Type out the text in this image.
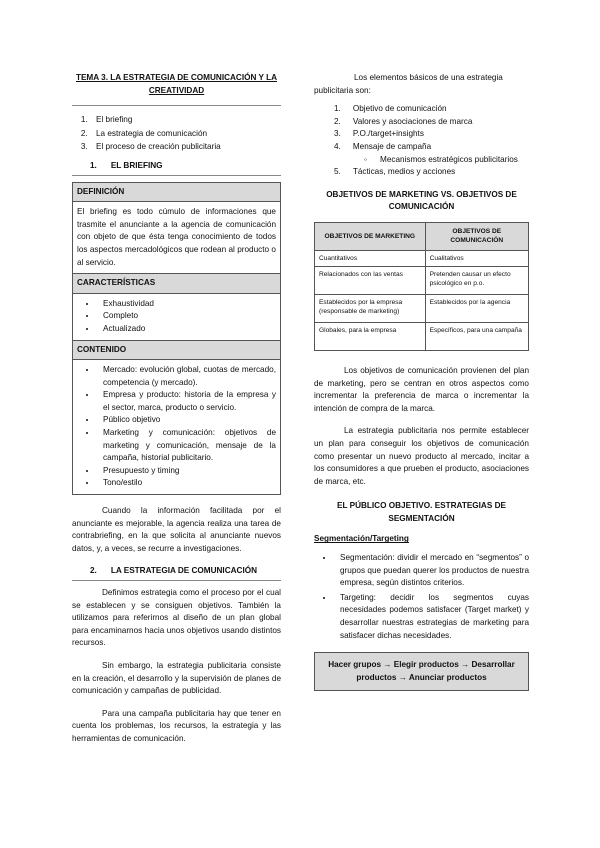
TEMA 3. LA ESTRATEGIA DE COMUNICACIÓN Y LA CREATIVIDAD
1. El briefing
2. La estrategia de comunicación
3. El proceso de creación publicitaria
1. EL BRIEFING
DEFINICIÓN
El briefing es todo cúmulo de informaciones que trasmite el anunciante a la agencia de comunicación con objeto de que ésta tenga conocimiento de todos los aspectos mercadológicos que rodean al producto o al servicio.
CARACTERÍSTICAS
• Exhaustividad
• Completo
• Actualizado
CONTENIDO
• Mercado: evolución global, cuotas de mercado, competencia (y mercado).
• Empresa y producto: historia de la empresa y el sector, marca, producto o servicio.
• Público objetivo
• Marketing y comunicación: objetivos de marketing y comunicación, mensaje de la campaña, historial publicitario.
• Presupuesto y timing
• Tono/estilo

Cuando la información facilitada por el anunciante es mejorable, la agencia realiza una tarea de contrabriefing, en la que solicita al anunciante nuevos datos, y, a veces, se recurre a investigaciones.

2. LA ESTRATEGIA DE COMUNICACIÓN

Definimos estrategia como el proceso por el cual se establecen y se consiguen objetivos. También la utilizamos para referirnos al diseño de un plan global para encaminarnos hacia unos objetivos usando distintos recursos.

Sin embargo, la estrategia publicitaria consiste en la creación, el desarrollo y la supervisión de planes de comunicación y campañas de publicidad.

Para una campaña publicitaria hay que tener en cuenta los problemas, los recursos, la estrategia y las herramientas de comunicación.

Los elementos básicos de una estrategia publicitaria son:

1. Objetivo de comunicación
2. Valores y asociaciones de marca
3. P.O./target+insights
4. Mensaje de campaña
◦ Mecanismos estratégicos publicitarios
5. Tácticas, medios y acciones
OBJETIVOS DE MARKETING VS. OBJETIVOS DE COMUNICACIÓN
OBJETIVOS DE MARKETING	OBJETIVOS DE COMUNICACIÓN
Cuantitativos	Cualitativos
Relacionados con las ventas	Pretenden causar un efecto psicológico en p.o.
Establecidos por la empresa (responsable de marketing)	Establecidos por la agencia
Globales, para la empresa	Específicos, para una campaña

Los objetivos de comunicación provienen del plan de marketing, pero se centran en otros aspectos como incrementar la preferencia de marca o incrementar la intención de compra de la marca.

La estrategia publicitaria nos permite establecer un plan para conseguir los objetivos de comunicación como presentar un nuevo producto al mercado, incitar a los consumidores a que prueben el producto, asociaciones de marca, etc.

EL PÚBLICO OBJETIVO. ESTRATEGIAS DE SEGMENTACIÓN
Segmentación/Targeting
• Segmentación: dividir el mercado en “segmentos” o grupos que puedan querer los productos de nuestra empresa, según distintos criterios.
• Targeting: decidir los segmentos cuyas necesidades podemos satisfacer (Target market) y desarrollar nuestras estrategias de marketing para satisfacer dichas necesidades.
Hacer grupos → Elegir productos → Desarrollar productos → Anunciar productos
